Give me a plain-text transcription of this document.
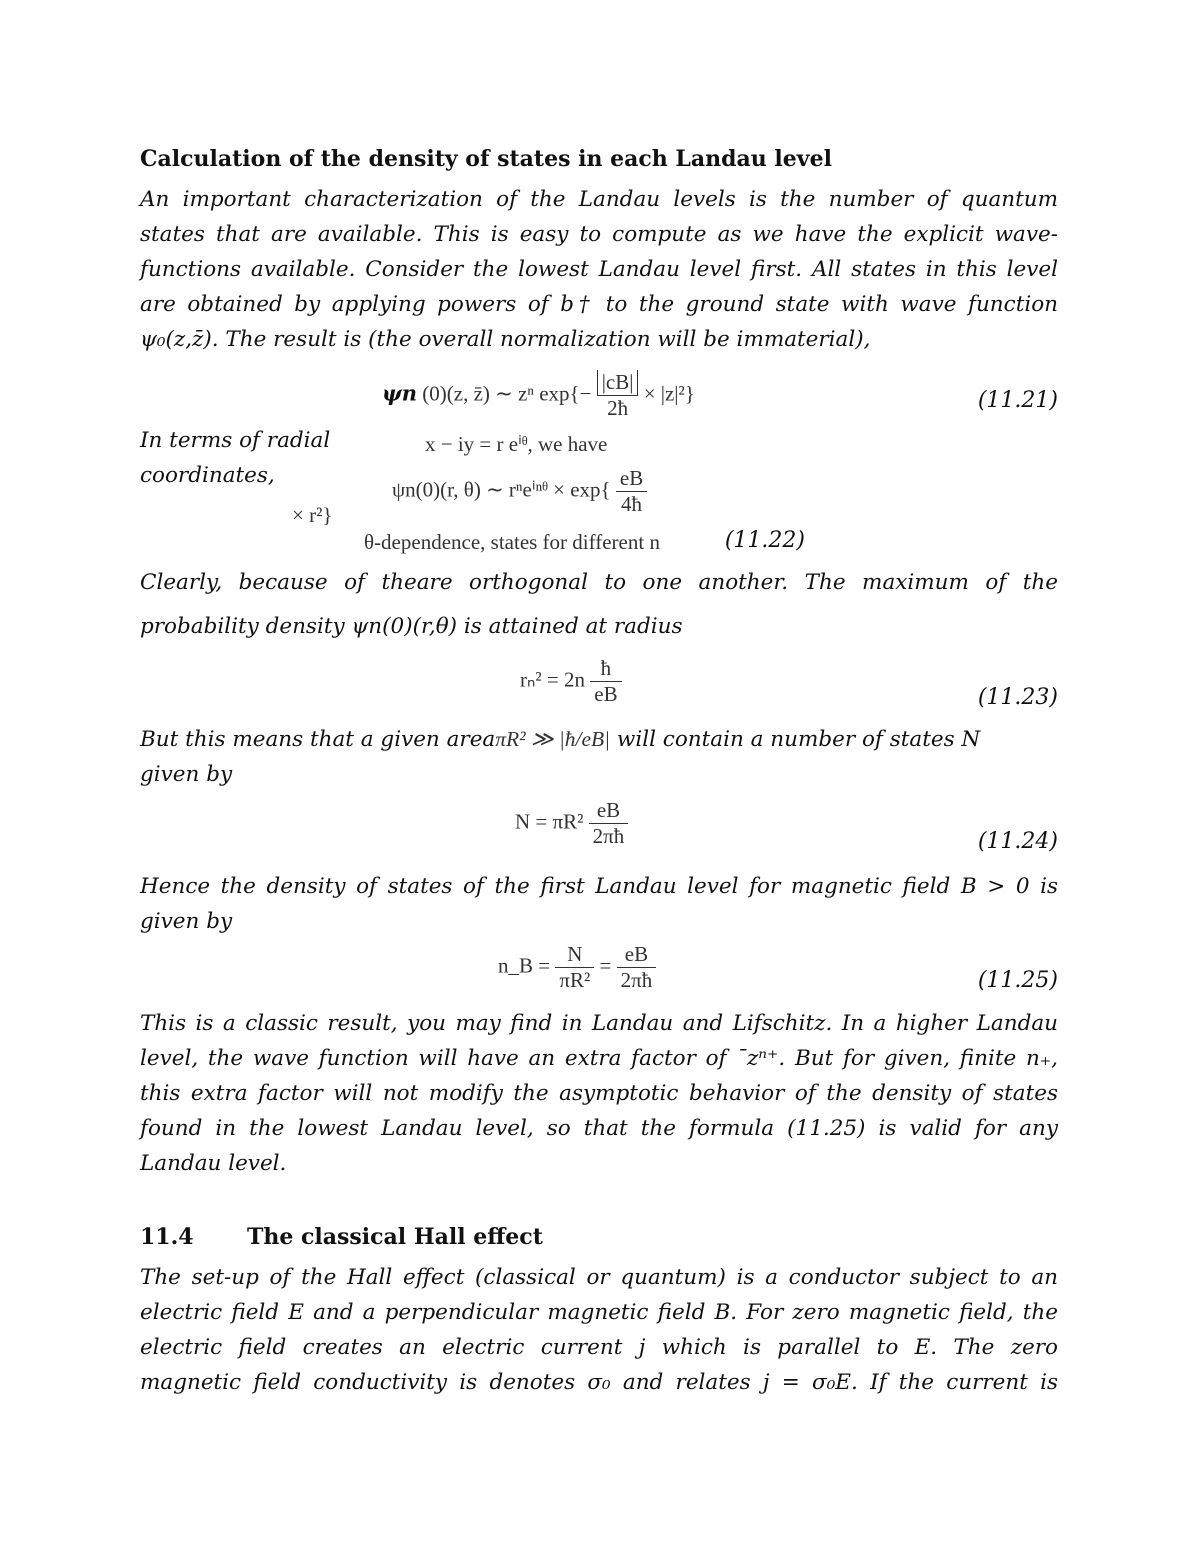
Calculation of the density of states in each Landau level
An important characterization of the Landau levels is the number of quantum
states that are available. This is easy to compute as we have the explicit wave-
functions available. Consider the lowest Landau level first. All states in this level
are obtained by applying powers of b† to the ground state with wave function
ψ₀(z,z̄). The result is (the overall normalization will be immaterial),
ψn (0)(z, z̄) ∼ zⁿ $\exp\{- \frac{|cB|}{2ħ} \times |z|^2\}$	(11.21)
In terms of radial	x − iy = r eⁱᶿ, we have
coordinates,
ψn(0)(r, θ) ∼ rⁿeⁱⁿᶿ × $\exp\{ \frac{eB}{4ħ}$
× r²}
θ-dependence, states for different n	(11.22)
Clearly, because of theare orthogonal to one another. The maximum of the
probability density ψn(0)(r,θ) is attained at radius
$r_n^2 = 2n \frac{ħ}{eB}$	(11.23)
But this means that a given areaπR² ≫ |ħ/eB| will contain a number of states N
given by
$N = \pi R^2 \frac{eB}{2\pi ħ}$	(11.24)
Hence the density of states of the first Landau level for magnetic field B > 0 is
given by
n_B = $\frac{N}{\text{πR²}} = \frac{eB}{2\pi ħ}$	(11.25)
This is a classic result, you may find in Landau and Lifschitz. In a higher Landau
level, the wave function will have an extra factor of ¯zⁿ⁺. But for given, finite n₊,
this extra factor will not modify the asymptotic behavior of the density of states
found in the lowest Landau level, so that the formula (11.25) is valid for any
Landau level.
11.4 The classical Hall effect
The set-up of the Hall effect (classical or quantum) is a conductor subject to an
electric field E and a perpendicular magnetic field B. For zero magnetic field, the
electric field creates an electric current j which is parallel to E. The zero
magnetic field conductivity is denotes σ₀ and relates j = σ₀E. If the current is
